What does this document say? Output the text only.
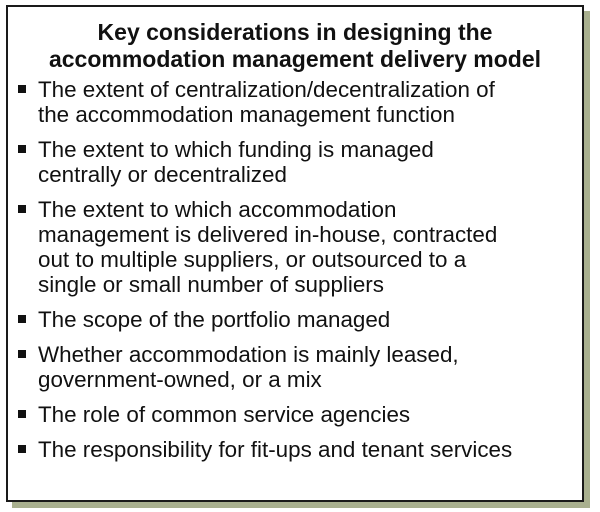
Key considerations in designing the
accommodation management delivery model
The extent of centralization/decentralization of
the accommodation management function
The extent to which funding is managed
centrally or decentralized
The extent to which accommodation
management is delivered in-house, contracted
out to multiple suppliers, or outsourced to a
single or small number of suppliers
The scope of the portfolio managed
Whether accommodation is mainly leased,
government-owned, or a mix
The role of common service agencies
The responsibility for fit-ups and tenant services
